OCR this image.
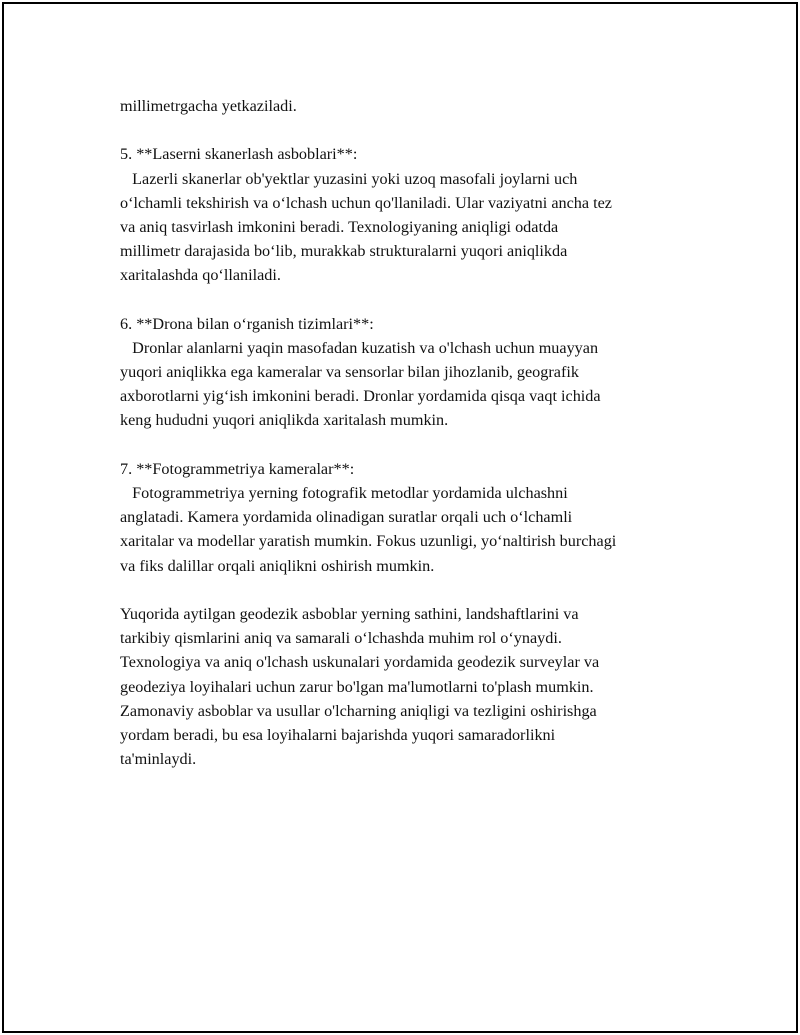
millimetrgacha yetkaziladi.
5. **Laserni skanerlash asboblari**:
Lazerli skanerlar ob'yektlar yuzasini yoki uzoq masofali joylarni uch
o‘lchamli tekshirish va o‘lchash uchun qo'llaniladi. Ular vaziyatni ancha tez
va aniq tasvirlash imkonini beradi. Texnologiyaning aniqligi odatda
millimetr darajasida bo‘lib, murakkab strukturalarni yuqori aniqlikda
xaritalashda qo‘llaniladi.
6. **Drona bilan o‘rganish tizimlari**:
Dronlar alanlarni yaqin masofadan kuzatish va o'lchash uchun muayyan
yuqori aniqlikka ega kameralar va sensorlar bilan jihozlanib, geografik
axborotlarni yig‘ish imkonini beradi. Dronlar yordamida qisqa vaqt ichida
keng hududni yuqori aniqlikda xaritalash mumkin.
7. **Fotogrammetriya kameralar**:
Fotogrammetriya yerning fotografik metodlar yordamida ulchashni
anglatadi. Kamera yordamida olinadigan suratlar orqali uch o‘lchamli
xaritalar va modellar yaratish mumkin. Fokus uzunligi, yo‘naltirish burchagi
va fiks dalillar orqali aniqlikni oshirish mumkin.
Yuqorida aytilgan geodezik asboblar yerning sathini, landshaftlarini va
tarkibiy qismlarini aniq va samarali o‘lchashda muhim rol o‘ynaydi.
Texnologiya va aniq o'lchash uskunalari yordamida geodezik surveylar va
geodeziya loyihalari uchun zarur bo'lgan ma'lumotlarni to'plash mumkin.
Zamonaviy asboblar va usullar o'lcharning aniqligi va tezligini oshirishga
yordam beradi, bu esa loyihalarni bajarishda yuqori samaradorlikni
ta'minlaydi.
